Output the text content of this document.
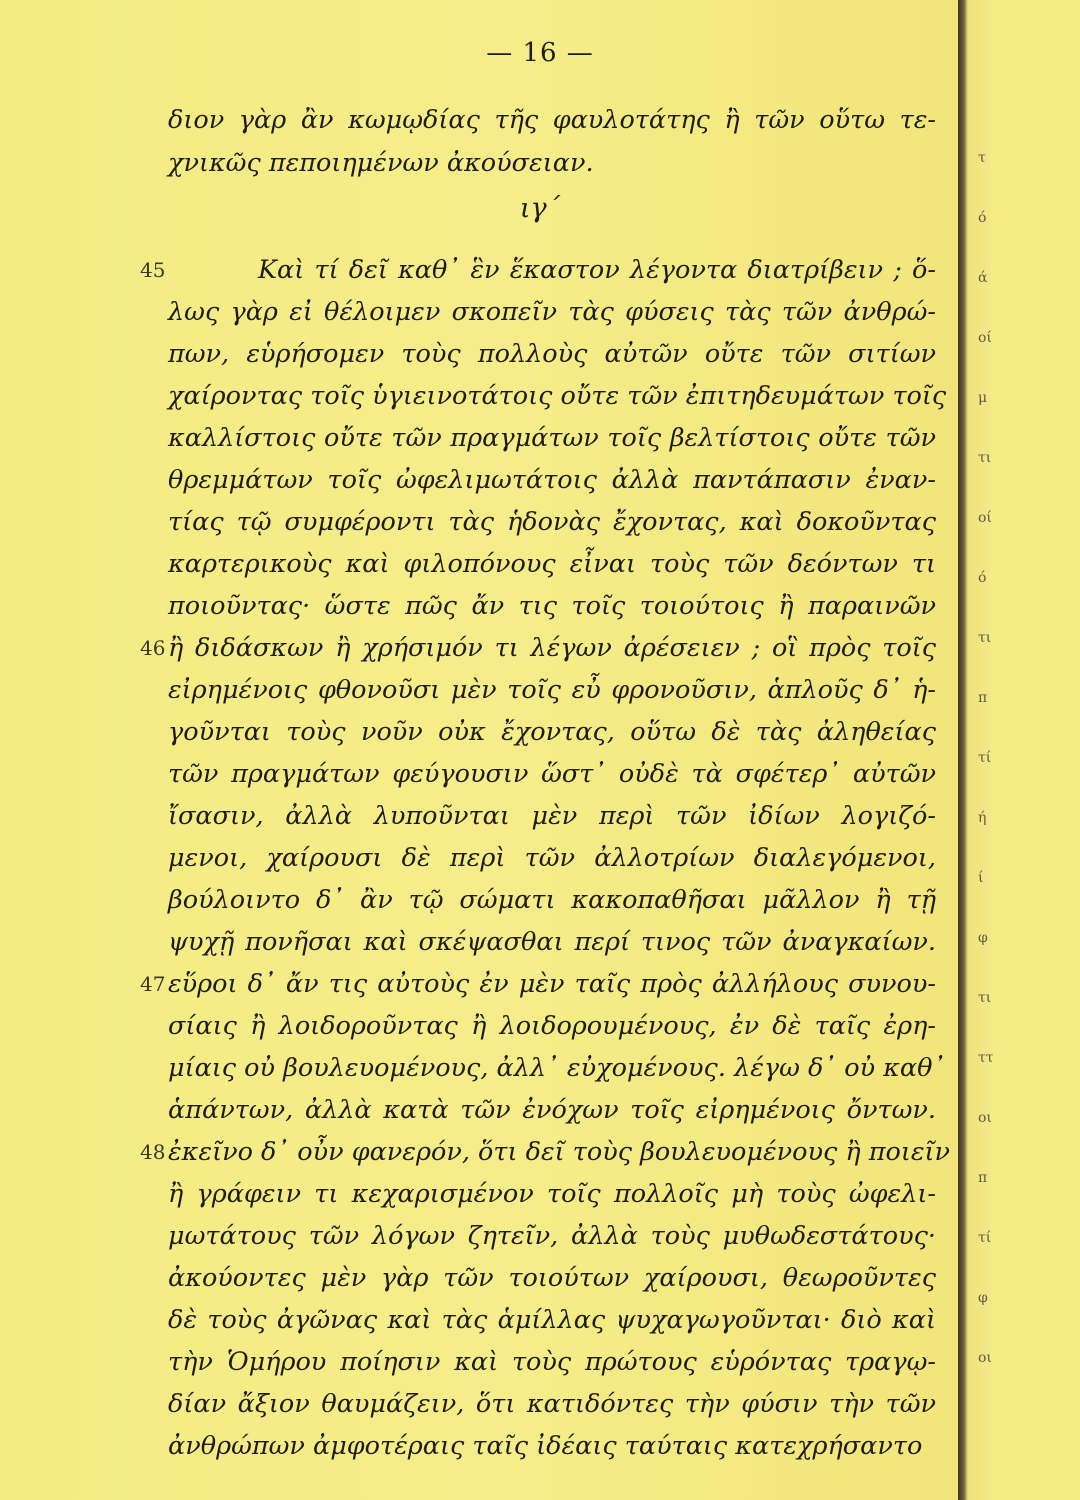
— 16 —
ιγ΄
διον γὰρ ἂν κωμῳδίας τῆς φαυλοτάτης ἢ τῶν οὕτω τε-
χνικῶς πεποιημένων ἀκούσειαν.
Καὶ τί δεῖ καθ᾽ ἓν ἕκαστον λέγοντα διατρίβειν ; ὅ-
45
λως γὰρ εἰ θέλοιμεν σκοπεῖν τὰς φύσεις τὰς τῶν ἀνθρώ-
πων, εὑρήσομεν τοὺς πολλοὺς αὐτῶν οὔτε τῶν σιτίων
χαίροντας τοῖς ὑγιεινοτάτοις οὔτε τῶν ἐπιτηδευμάτων τοῖς
καλλίστοις οὔτε τῶν πραγμάτων τοῖς βελτίστοις οὔτε τῶν
θρεμμάτων τοῖς ὠφελιμωτάτοις ἀλλὰ παντάπασιν ἐναν-
τίας τῷ συμφέροντι τὰς ἡδονὰς ἔχοντας, καὶ δοκοῦντας
καρτερικοὺς καὶ φιλοπόνους εἶναι τοὺς τῶν δεόντων τι
ποιοῦντας· ὥστε πῶς ἄν τις τοῖς τοιούτοις ἢ παραινῶν
ἢ διδάσκων ἢ χρήσιμόν τι λέγων ἀρέσειεν ; οἳ πρὸς τοῖς
46
εἰρημένοις φθονοῦσι μὲν τοῖς εὖ φρονοῦσιν, ἁπλοῦς δ᾽ ἡ-
γοῦνται τοὺς νοῦν οὐκ ἔχοντας, οὕτω δὲ τὰς ἀληθείας
τῶν πραγμάτων φεύγουσιν ὥστ᾽ οὐδὲ τὰ σφέτερ᾽ αὐτῶν
ἴσασιν, ἀλλὰ λυποῦνται μὲν περὶ τῶν ἰδίων λογιζό-
μενοι, χαίρουσι δὲ περὶ τῶν ἀλλοτρίων διαλεγόμενοι,
βούλοιντο δ᾽ ἂν τῷ σώματι κακοπαθῆσαι μᾶλλον ἢ τῇ
ψυχῇ πονῆσαι καὶ σκέψασθαι περί τινος τῶν ἀναγκαίων.
εὕροι δ᾽ ἄν τις αὐτοὺς ἐν μὲν ταῖς πρὸς ἀλλήλους συνου-
47
σίαις ἢ λοιδοροῦντας ἢ λοιδορουμένους, ἐν δὲ ταῖς ἐρη-
μίαις οὐ βουλευομένους, ἀλλ᾽ εὐχομένους. λέγω δ᾽ οὐ καθ᾽
ἁπάντων, ἀλλὰ κατὰ τῶν ἐνόχων τοῖς εἰρημένοις ὄντων.
ἐκεῖνο δ᾽ οὖν φανερόν, ὅτι δεῖ τοὺς βουλευομένους ἢ ποιεῖν
48
ἢ γράφειν τι κεχαρισμένον τοῖς πολλοῖς μὴ τοὺς ὠφελι-
μωτάτους τῶν λόγων ζητεῖν, ἀλλὰ τοὺς μυθωδεστάτους·
ἀκούοντες μὲν γὰρ τῶν τοιούτων χαίρουσι, θεωροῦντες
δὲ τοὺς ἀγῶνας καὶ τὰς ἁμίλλας ψυχαγωγοῦνται· διὸ καὶ
τὴν Ὁμήρου ποίησιν καὶ τοὺς πρώτους εὑρόντας τραγῳ-
δίαν ἄξιον θαυμάζειν, ὅτι κατιδόντες τὴν φύσιν τὴν τῶν
ἀνθρώπων ἀμφοτέραις ταῖς ἰδέαις ταύταις κατεχρήσαντο
τ
ό
ά
οί
μ
τι
οί
ό
τι
π
τί
ή
ί
φ
τι
ττ
οι
π
τί
φ
οι
